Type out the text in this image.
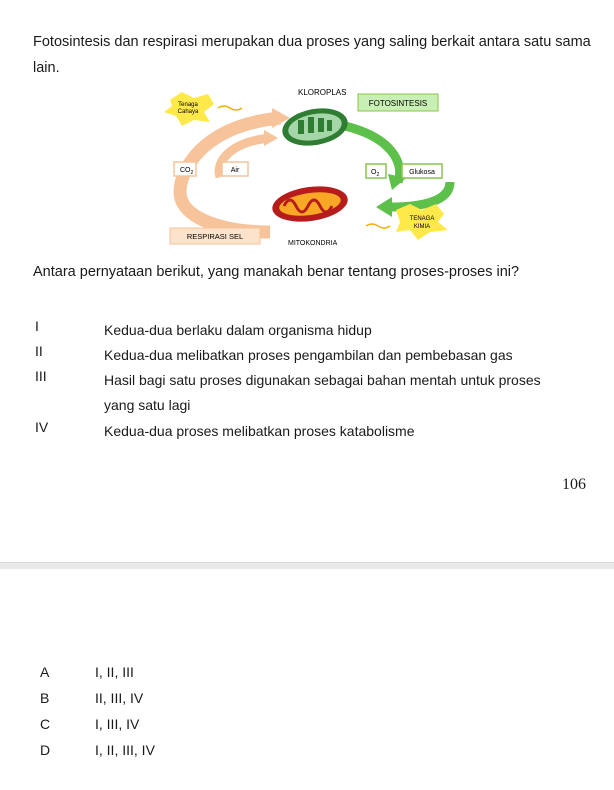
Fotosintesis dan respirasi merupakan dua proses yang saling berkait antara satu sama lain.
Tenaga
Cahaya
KLOROPLAS
FOTOSINTESIS
$CO_2$	Air	$O_2$	Glukosa
TENAGA
KIMIA
RESPIRASI SEL
MITOKONDRIA
Antara pernyataan berikut, yang manakah benar tentang proses-proses ini?
I	Kedua-dua berlaku dalam organisma hidup
II	Kedua-dua melibatkan proses pengambilan dan pembebasan gas
III	Hasil bagi satu proses digunakan sebagai bahan mentah untuk proses yang satu lagi
IV	Kedua-dua proses melibatkan proses katabolisme
106
A	I, II, III
B	II, III, IV
C	I, III, IV
D	I, II, III, IV
